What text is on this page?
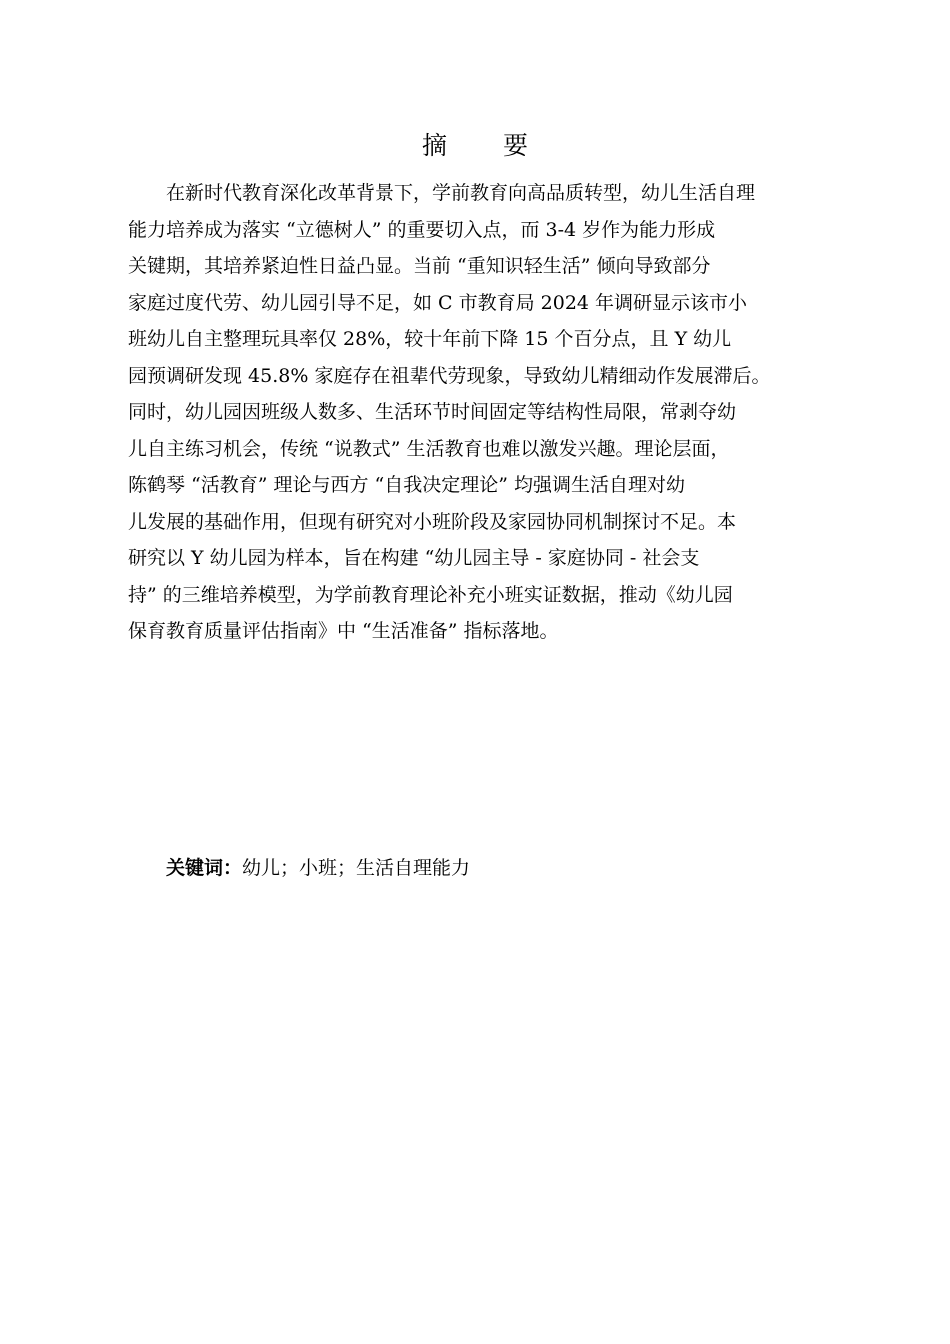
摘 要

在新时代教育深化改革背景下，学前教育向高品质转型，幼儿生活自理

能力培养成为落实 “立德树人” 的重要切入点，而 3-4 岁作为能力形成

关键期，其培养紧迫性日益凸显。当前 “重知识轻生活” 倾向导致部分

家庭过度代劳、幼儿园引导不足，如 C 市教育局 2024 年调研显示该市小

班幼儿自主整理玩具率仅 28%，较十年前下降 15 个百分点，且 Y 幼儿

园预调研发现 45.8% 家庭存在祖辈代劳现象，导致幼儿精细动作发展滞后。

同时，幼儿园因班级人数多、生活环节时间固定等结构性局限，常剥夺幼

儿自主练习机会，传统 “说教式” 生活教育也难以激发兴趣。理论层面，

陈鹤琴 “活教育” 理论与西方 “自我决定理论” 均强调生活自理对幼

儿发展的基础作用，但现有研究对小班阶段及家园协同机制探讨不足。本

研究以 Y 幼儿园为样本，旨在构建 “幼儿园主导 - 家庭协同 - 社会支

持” 的三维培养模型，为学前教育理论补充小班实证数据，推动《幼儿园

保育教育质量评估指南》中 “生活准备” 指标落地。

关键词：幼儿；小班；生活自理能力
